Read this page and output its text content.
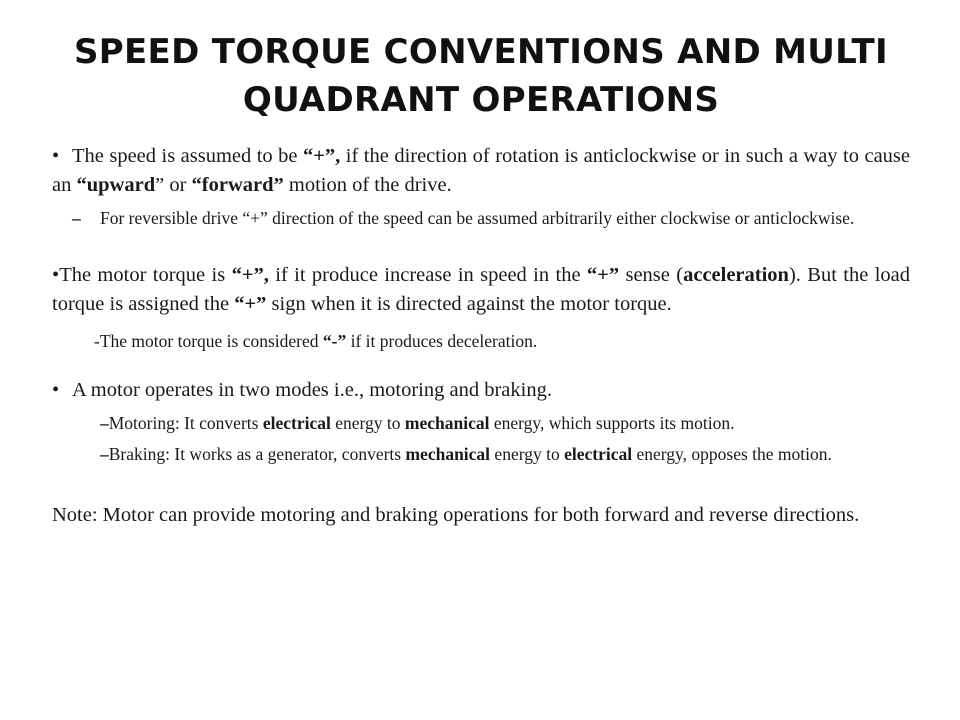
SPEED TORQUE CONVENTIONS AND MULTI
QUADRANT OPERATIONS

• The speed is assumed to be “+”, if the direction of rotation is anticlockwise or in such a way to cause an “upward” or “forward” motion of the drive.

– For reversible drive “+” direction of the speed can be assumed arbitrarily either clockwise or anticlockwise.

•The motor torque is “+”, if it produce increase in speed in the “+” sense (acceleration). But the load torque is assigned the “+” sign when it is directed against the motor torque.

-The motor torque is considered “-” if it produces deceleration.

• A motor operates in two modes i.e., motoring and braking.

–Motoring: It converts electrical energy to mechanical energy, which supports its motion.

–Braking: It works as a generator, converts mechanical energy to electrical energy, opposes the motion.

Note: Motor can provide motoring and braking operations for both forward and reverse directions.
